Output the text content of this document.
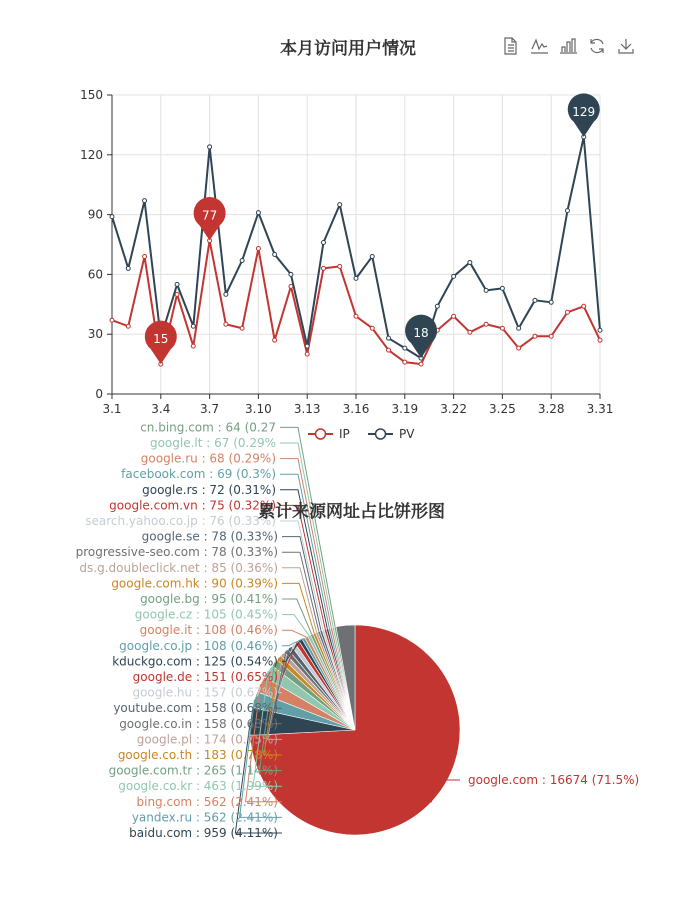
本月访问用户情况
0
30
60
90
120
150
3.1 3.4 3.7 3.10 3.13 3.16 3.19 3.22 3.25 3.28 3.31
15
77
18
129
IP	PV
累计来源网址占比饼形图
google.com : 16674 (71.5%)
baidu.com : 959 (4.11%)
yandex.ru : 562 (2.41%)
bing.com : 562 (2.41%)
google.co.kr : 463 (1.99%)
google.com.tr : 265 (1.14%)
google.co.th : 183 (0.78%)
google.pl : 174 (0.75%)
google.co.in : 158 (0.68%)
youtube.com : 158 (0.68%)
google.hu : 157 (0.67%)
google.de : 151 (0.65%)
kduckgo.com : 125 (0.54%)
google.co.jp : 108 (0.46%)
google.it : 108 (0.46%)
google.cz : 105 (0.45%)
google.bg : 95 (0.41%)
google.com.hk : 90 (0.39%)
ds.g.doubleclick.net : 85 (0.36%)
progressive-seo.com : 78 (0.33%)
google.se : 78 (0.33%)
search.yahoo.co.jp : 76 (0.33%)
google.com.vn : 75 (0.32%)
google.rs : 72 (0.31%)
facebook.com : 69 (0.3%)
google.ru : 68 (0.29%)
google.lt : 67 (0.29%
cn.bing.com : 64 (0.27
